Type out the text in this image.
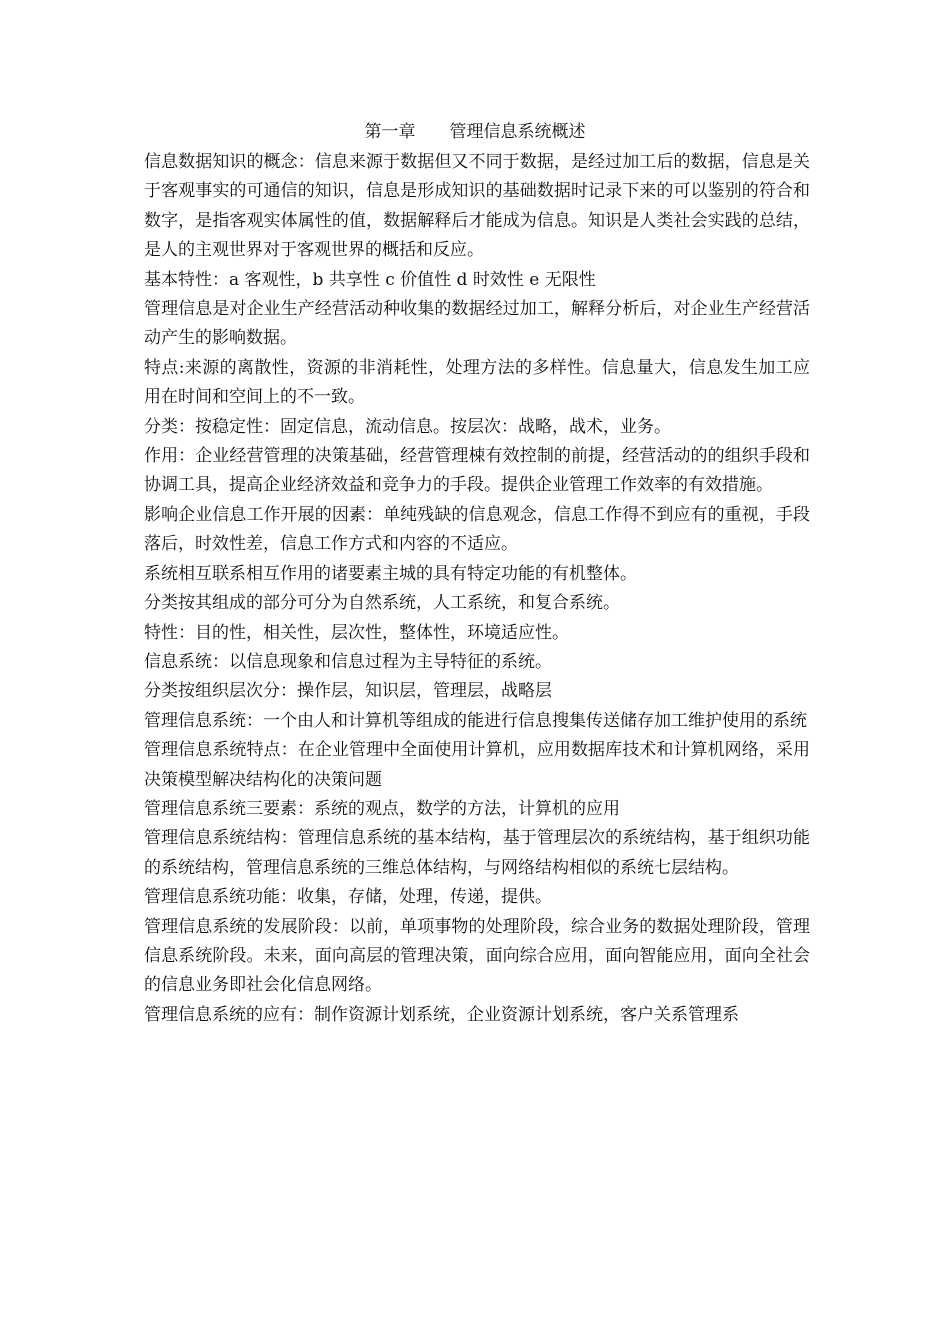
第一章　　管理信息系统概述

信息数据知识的概念：信息来源于数据但又不同于数据，是经过加工后的数据，信息是关于客观事实的可通信的知识，信息是形成知识的基础数据时记录下来的可以鉴别的符合和数字，是指客观实体属性的值，数据解释后才能成为信息。知识是人类社会实践的总结，是人的主观世界对于客观世界的概括和反应。

基本特性：a 客观性，b 共享性 c 价值性 d 时效性 e 无限性

管理信息是对企业生产经营活动种收集的数据经过加工，解释分析后，对企业生产经营活动产生的影响数据。

特点:来源的离散性，资源的非消耗性，处理方法的多样性。信息量大，信息发生加工应用在时间和空间上的不一致。

分类：按稳定性：固定信息，流动信息。按层次：战略，战术，业务。

作用：企业经营管理的决策基础，经营管理梀有效控制的前提，经营活动的的组织手段和协调工具，提高企业经济效益和竞争力的手段。提供企业管理工作效率的有效措施。

影响企业信息工作开展的因素：单纯残缺的信息观念，信息工作得不到应有的重视，手段落后，时效性差，信息工作方式和内容的不适应。

系统相互联系相互作用的诸要素主城的具有特定功能的有机整体。

分类按其组成的部分可分为自然系统，人工系统，和复合系统。

特性：目的性，相关性，层次性，整体性，环境适应性。

信息系统：以信息现象和信息过程为主导特征的系统。

分类按组织层次分：操作层，知识层，管理层，战略层

管理信息系统：一个由人和计算机等组成的能进行信息搜集传送储存加工维护使用的系统

管理信息系统特点：在企业管理中全面使用计算机，应用数据库技术和计算机网络，采用决策模型解决结构化的决策问题

管理信息系统三要素：系统的观点，数学的方法，计算机的应用

管理信息系统结构：管理信息系统的基本结构，基于管理层次的系统结构，基于组织功能的系统结构，管理信息系统的三维总体结构，与网络结构相似的系统七层结构。

管理信息系统功能：收集，存储，处理，传递，提供。

管理信息系统的发展阶段：以前，单项事物的处理阶段，综合业务的数据处理阶段，管理信息系统阶段。未来，面向高层的管理决策，面向综合应用，面向智能应用，面向全社会的信息业务即社会化信息网络。

管理信息系统的应有：制作资源计划系统，企业资源计划系统，客户关系管理系
